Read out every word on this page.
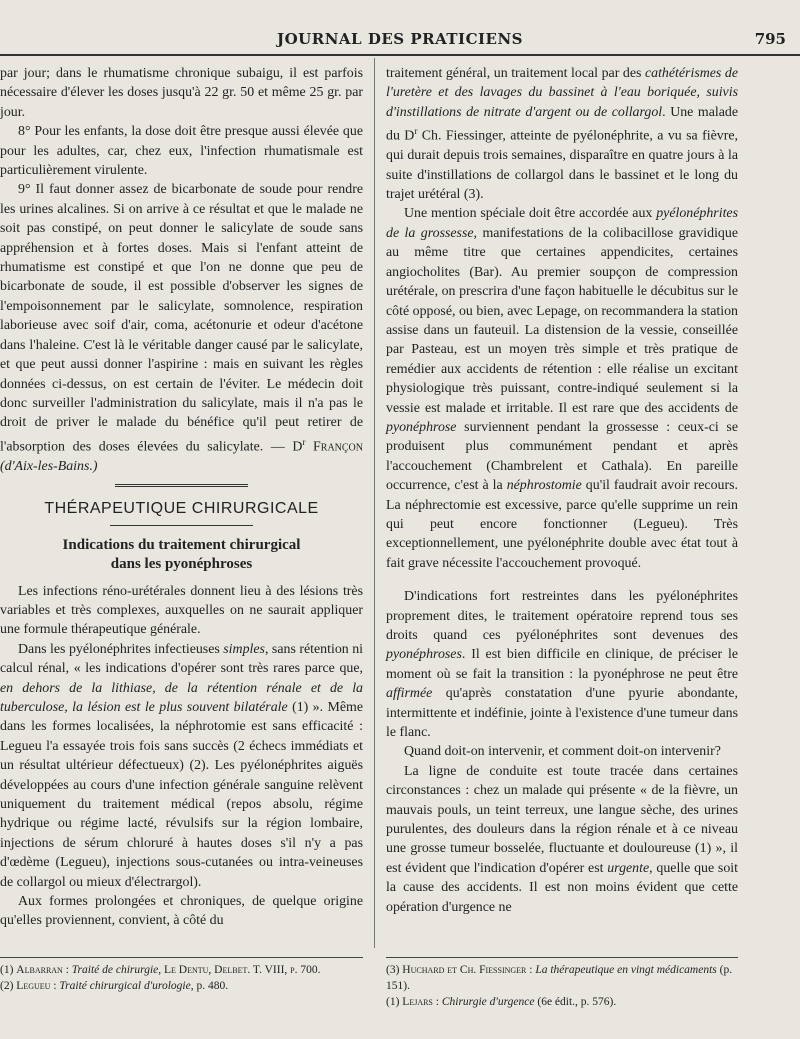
JOURNAL DES PRATICIENS	795

par jour; dans le rhumatisme chronique subaigu, il est parfois nécessaire d'élever les doses jusqu'à 22 gr. 50 et même 25 gr. par jour.

8° Pour les enfants, la dose doit être presque aussi élevée que pour les adultes, car, chez eux, l'infection rhumatismale est particulièrement virulente.

9° Il faut donner assez de bicarbonate de soude pour rendre les urines alcalines. Si on arrive à ce résultat et que le malade ne soit pas constipé, on peut donner le salicylate de soude sans appréhension et à fortes doses. Mais si l'enfant atteint de rhumatisme est constipé et que l'on ne donne que peu de bicarbonate de soude, il est possible d'observer les signes de l'empoisonnement par le salicylate, somnolence, respiration laborieuse avec soif d'air, coma, acétonurie et odeur d'acétone dans l'haleine. C'est là le véritable danger causé par le salicylate, et que peut aussi donner l'aspirine : mais en suivant les règles données ci-dessus, on est certain de l'éviter. Le médecin doit donc surveiller l'administration du salicylate, mais il n'a pas le droit de priver le malade du bénéfice qu'il peut retirer de l'absorption des doses élevées du salicylate. — $D^r$ Françon (d'Aix-les-Bains.)

THÉRAPEUTIQUE CHIRURGICALE
Indications du traitement chirurgical
dans les pyonéphroses

Les infections réno-urétérales donnent lieu à des lésions très variables et très complexes, auxquelles on ne saurait appliquer une formule thérapeutique générale.

Dans les pyélonéphrites infectieuses simples, sans rétention ni calcul rénal, « les indications d'opérer sont très rares parce que, en dehors de la lithiase, de la rétention rénale et de la tuberculose, la lésion est le plus souvent bilatérale (1) ». Même dans les formes localisées, la néphrotomie est sans efficacité : Legueu l'a essayée trois fois sans succès (2 échecs immédiats et un résultat ultérieur défectueux) (2). Les pyélonéphrites aiguës développées au cours d'une infection générale sanguine relèvent uniquement du traitement médical (repos absolu, régime hydrique ou régime lacté, révulsifs sur la région lombaire, injections de sérum chloruré à hautes doses s'il n'y a pas d'œdème (Legueu), injections sous-cutanées ou intra-veineuses de collargol ou mieux d'électrargol).

Aux formes prolongées et chroniques, de quelque origine qu'elles proviennent, convient, à côté du

traitement général, un traitement local par des cathétérismes de l'uretère et des lavages du bassinet à l'eau boriquée, suivis d'instillations de nitrate d'argent ou de collargol. Une malade du $D^r$ Ch. Fiessinger, atteinte de pyélonéphrite, a vu sa fièvre, qui durait depuis trois semaines, disparaître en quatre jours à la suite d'instillations de collargol dans le bassinet et le long du trajet urétéral (3).

Une mention spéciale doit être accordée aux pyélonéphrites de la grossesse, manifestations de la colibacillose gravidique au même titre que certaines appendicites, certaines angiocholites (Bar). Au premier soupçon de compression urétérale, on prescrira d'une façon habituelle le décubitus sur le côté opposé, ou bien, avec Lepage, on recommandera la station assise dans un fauteuil. La distension de la vessie, conseillée par Pasteau, est un moyen très simple et très pratique de remédier aux accidents de rétention : elle réalise un excitant physiologique très puissant, contre-indiqué seulement si la vessie est malade et irritable. Il est rare que des accidents de pyonéphrose surviennent pendant la grossesse : ceux-ci se produisent plus communément pendant et après l'accouchement (Chambrelent et Cathala). En pareille occurrence, c'est à la néphrostomie qu'il faudrait avoir recours. La néphrectomie est excessive, parce qu'elle supprime un rein qui peut encore fonctionner (Legueu). Très exceptionnellement, une pyélonéphrite double avec état tout à fait grave nécessite l'accouchement provoqué.

D'indications fort restreintes dans les pyélonéphrites proprement dites, le traitement opératoire reprend tous ses droits quand ces pyélonéphrites sont devenues des pyonéphroses. Il est bien difficile en clinique, de préciser le moment où se fait la transition : la pyonéphrose ne peut être affirmée qu'après constatation d'une pyurie abondante, intermittente et indéfinie, jointe à l'existence d'une tumeur dans le flanc.

Quand doit-on intervenir, et comment doit-on intervenir?

La ligne de conduite est toute tracée dans certaines circonstances : chez un malade qui présente « de la fièvre, un mauvais pouls, un teint terreux, une langue sèche, des urines purulentes, des douleurs dans la région rénale et à ce niveau une grosse tumeur bosselée, fluctuante et douloureuse (1) », il est évident que l'indication d'opérer est urgente, quelle que soit la cause des accidents. Il est non moins évident que cette opération d'urgence ne

(1) Albarran : Traité de chirurgie, Le Dentu, Delbet. T. VIII, p. 700.
(2) Legueu : Traité chirurgical d'urologie, p. 480.
(3) Huchard et Ch. Fiessinger : La thérapeutique en vingt médicaments (p. 151).
(1) Lejars : Chirurgie d'urgence (6e édit., p. 576).
